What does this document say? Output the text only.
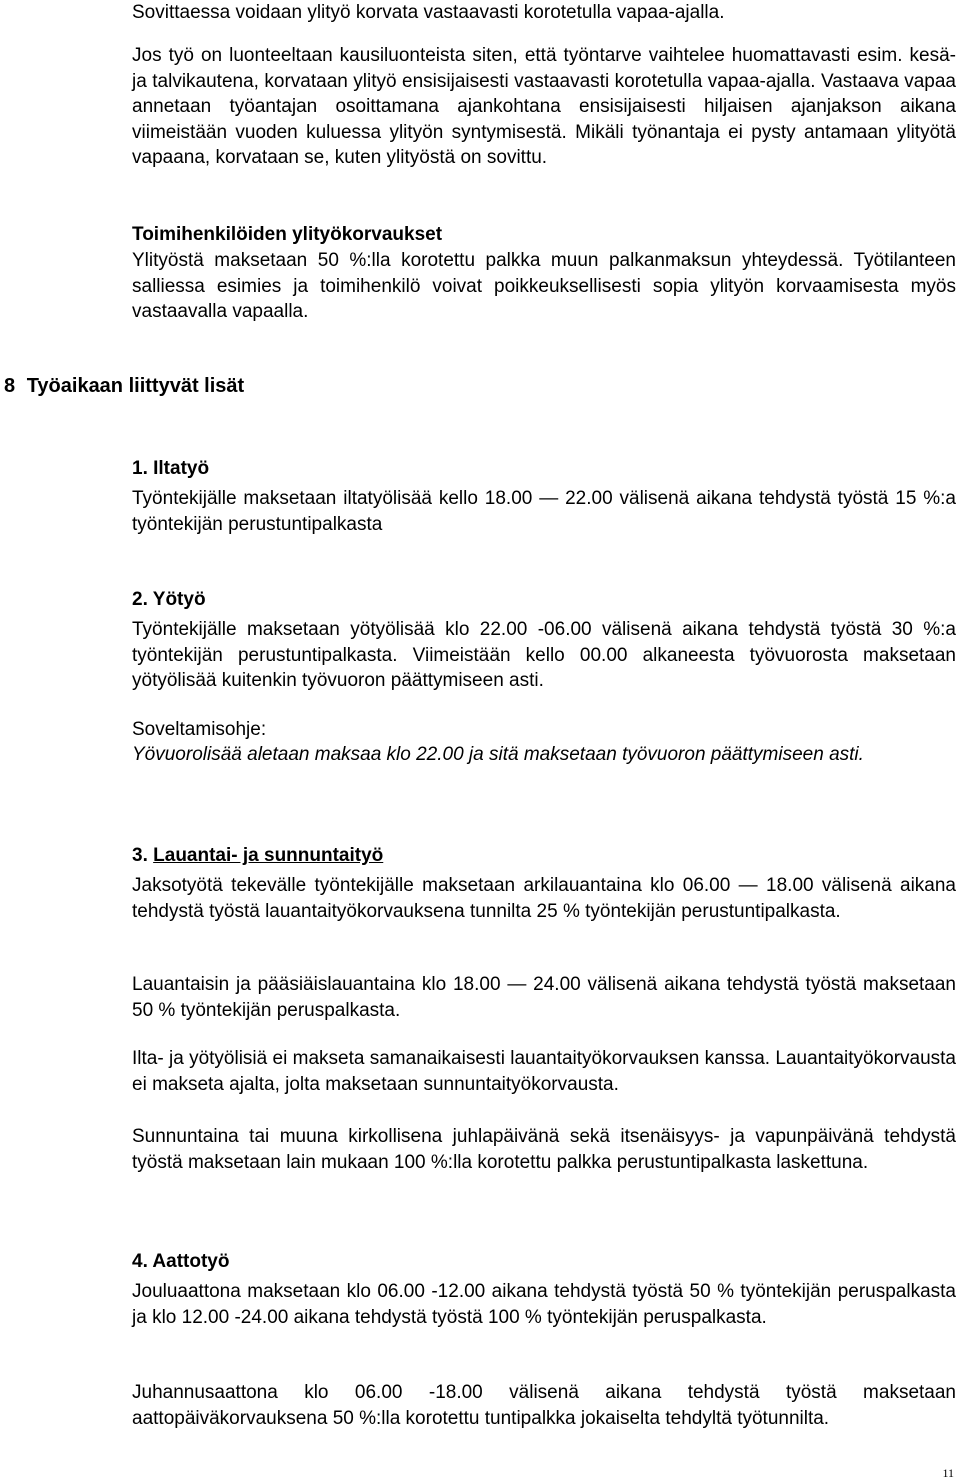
Sovittaessa voidaan ylityö korvata vastaavasti korotetulla vapaa-ajalla.

Jos työ on luonteeltaan kausiluonteista siten, että työntarve vaihtelee huomattavasti esim. kesä- ja talvikautena, korvataan ylityö ensisijaisesti vastaavasti korotetulla vapaa-ajalla. Vastaava vapaa annetaan työantajan osoittamana ajankohtana ensisijaisesti hiljaisen ajanjakson aikana viimeistään vuoden kuluessa ylityön syntymisestä. Mikäli työnantaja ei pysty antamaan ylityötä vapaana, korvataan se, kuten ylityöstä on sovittu.

Toimihenkilöiden ylityökorvaukset

Ylityöstä maksetaan 50 %:lla korotettu palkka muun palkanmaksun yhteydessä. Työtilanteen salliessa esimies ja toimihenkilö voivat poikkeuksellisesti sopia ylityön korvaamisesta myös vastaavalla vapaalla.

1. Iltatyö

Työntekijälle maksetaan iltatyölisää kello 18.00 — 22.00 välisenä aikana tehdystä työstä 15 %:a työntekijän perustuntipalkasta

2. Yötyö

Työntekijälle maksetaan yötyölisää klo 22.00 -06.00 välisenä aikana tehdystä työstä 30 %:a työntekijän perustuntipalkasta. Viimeistään kello 00.00 alkaneesta työvuorosta maksetaan yötyölisää kuitenkin työvuoron päättymiseen asti.

Soveltamisohje:

Yövuorolisää aletaan maksaa klo 22.00 ja sitä maksetaan työvuoron päättymiseen asti.

3. Lauantai- ja sunnuntaityö

Jaksotyötä tekevälle työntekijälle maksetaan arkilauantaina klo 06.00 — 18.00 välisenä aikana tehdystä työstä lauantaityökorvauksena tunnilta 25 % työntekijän perustuntipalkasta.

Lauantaisin ja pääsiäislauantaina klo 18.00 — 24.00 välisenä aikana tehdystä työstä maksetaan 50 % työntekijän peruspalkasta.

Ilta- ja yötyölisiä ei makseta samanaikaisesti lauantaityökorvauksen kanssa. Lauantaityökorvausta ei makseta ajalta, jolta maksetaan sunnuntaityökorvausta.

Sunnuntaina tai muuna kirkollisena juhlapäivänä sekä itsenäisyys- ja vapunpäivänä tehdystä työstä maksetaan lain mukaan 100 %:lla korotettu palkka perustuntipalkasta laskettuna.

4. Aattotyö

Jouluaattona maksetaan klo 06.00 -12.00 aikana tehdystä työstä 50 % työntekijän peruspalkasta ja klo 12.00 -24.00 aikana tehdystä työstä 100 % työntekijän peruspalkasta.

Juhannusaattona klo 06.00 -18.00 välisenä aikana tehdystä työstä maksetaan aattopäiväkorvauksena 50 %:lla korotettu tuntipalkka jokaiselta tehdyltä työtunnilta.

8 Työaikaan liittyvät lisät
11
